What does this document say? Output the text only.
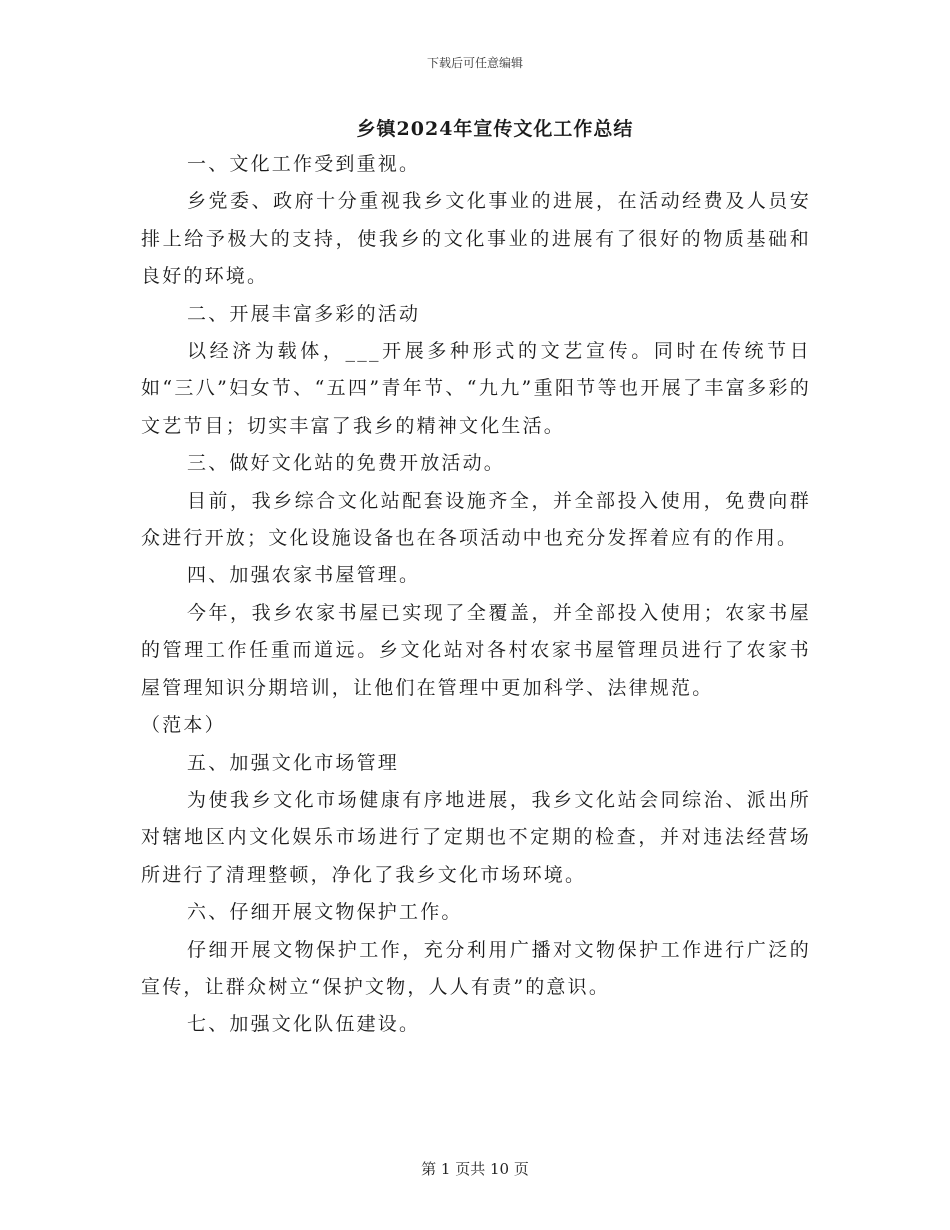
下载后可任意编辑
乡镇2024年宣传文化工作总结

一、文化工作受到重视。

乡党委、政府十分重视我乡文化事业的进展，在活动经费及人员安排上给予极大的支持，使我乡的文化事业的进展有了很好的物质基础和良好的环境。

二、开展丰富多彩的活动

以经济为载体，___开展多种形式的文艺宣传。同时在传统节日如“三八”妇女节、“五四”青年节、“九九”重阳节等也开展了丰富多彩的文艺节目；切实丰富了我乡的精神文化生活。

三、做好文化站的免费开放活动。

目前，我乡综合文化站配套设施齐全，并全部投入使用，免费向群众进行开放；文化设施设备也在各项活动中也充分发挥着应有的作用。

四、加强农家书屋管理。

今年，我乡农家书屋已实现了全覆盖，并全部投入使用；农家书屋的管理工作任重而道远。乡文化站对各村农家书屋管理员进行了农家书屋管理知识分期培训，让他们在管理中更加科学、法律规范。

（范本）

五、加强文化市场管理

为使我乡文化市场健康有序地进展，我乡文化站会同综治、派出所对辖地区内文化娱乐市场进行了定期也不定期的检查，并对违法经营场所进行了清理整顿，净化了我乡文化市场环境。

六、仔细开展文物保护工作。

仔细开展文物保护工作，充分利用广播对文物保护工作进行广泛的宣传，让群众树立“保护文物，人人有责”的意识。

七、加强文化队伍建设。

第 1 页共 10 页
